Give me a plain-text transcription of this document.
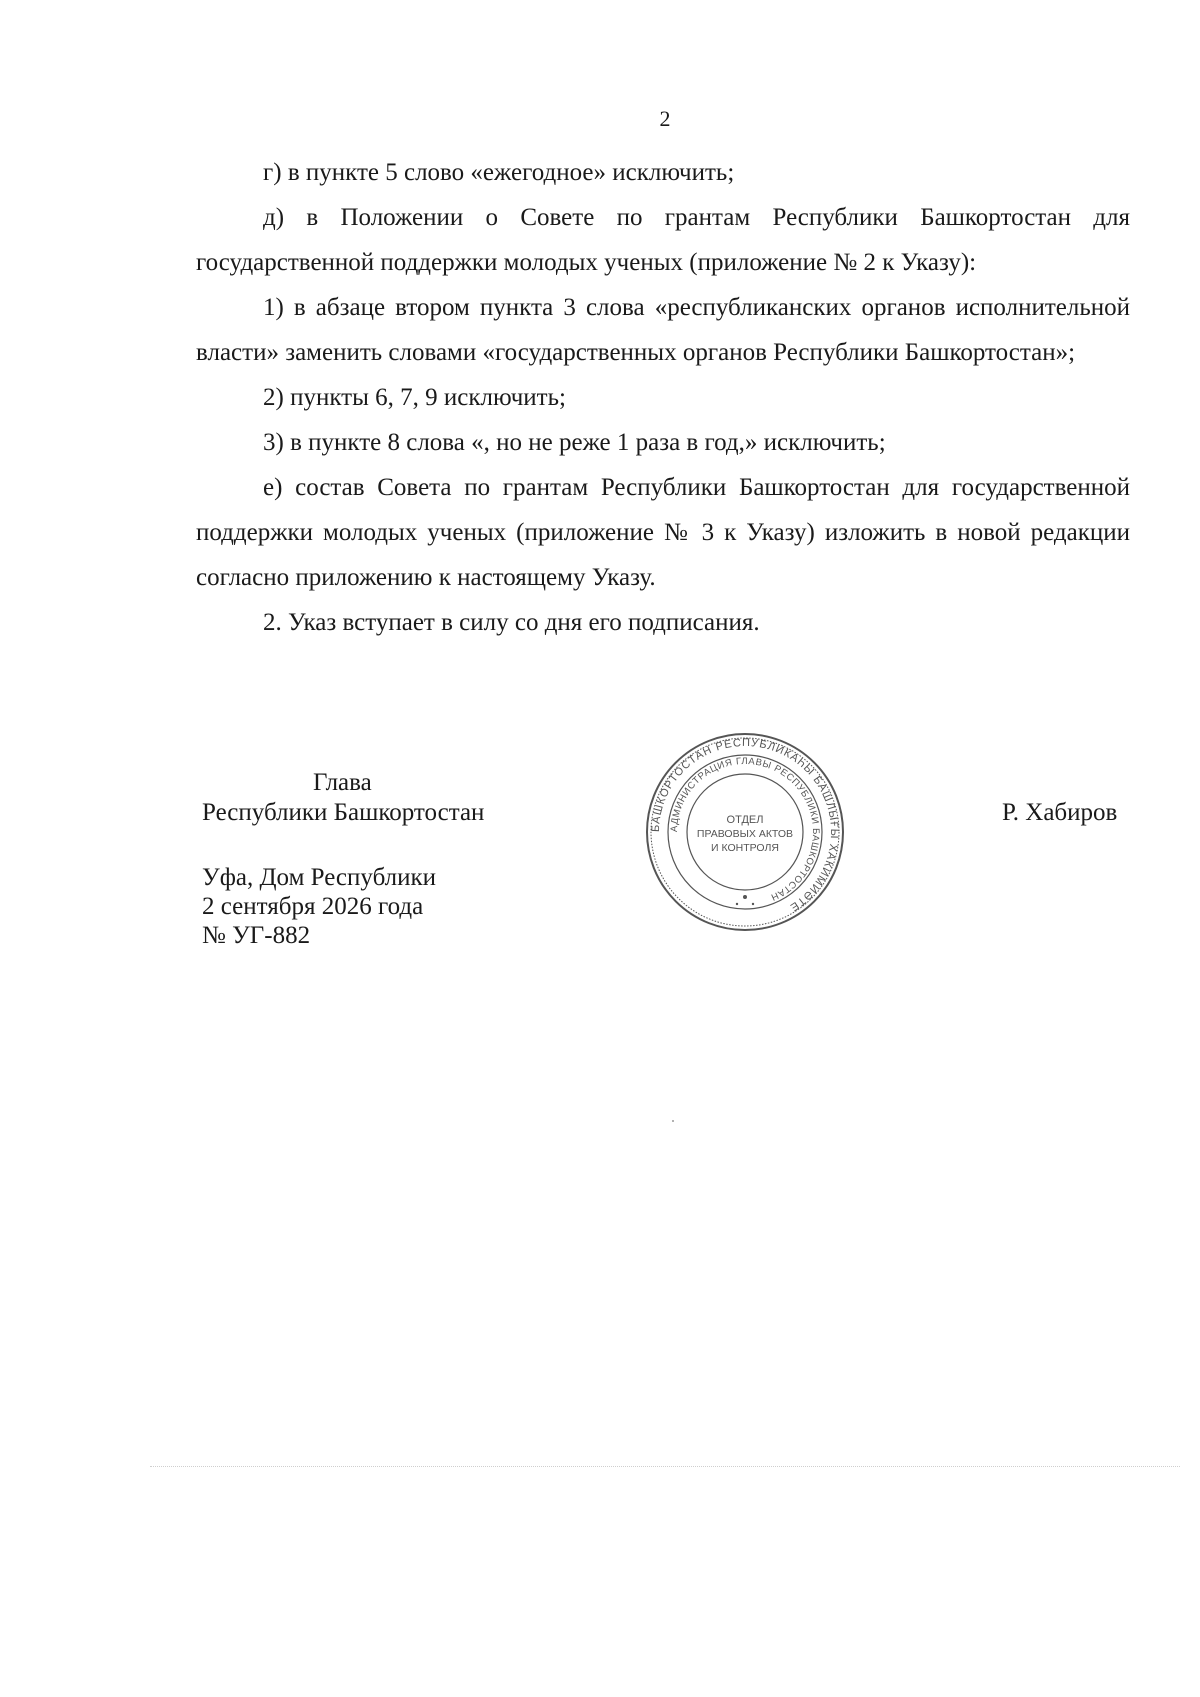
2

г) в пункте 5 слово «ежегодное» исключить;

д) в Положении о Совете по грантам Республики Башкортостан для государственной поддержки молодых ученых (приложение № 2 к Указу):

1) в абзаце втором пункта 3 слова «республиканских органов исполнительной власти» заменить словами «государственных органов Республики Башкортостан»;

2) пункты 6, 7, 9 исключить;

3) в пункте 8 слова «, но не реже 1 раза в год,» исключить;

е) состав Совета по грантам Республики Башкортостан для государственной поддержки молодых ученых (приложение № 3 к Указу) изложить в новой редакции согласно приложению к настоящему Указу.

2. Указ вступает в силу со дня его подписания.

Глава
Республики Башкортостан
Уфа, Дом Республики
2 сентября 2026 года
№ УГ-882
Р. Хабиров
БАШКОРТОСТАН РЕСПУБЛИКАҺЫ БАШЛЫҒЫ ХАКИМИӘТЕ
АДМИНИСТРАЦИЯ ГЛАВЫ РЕСПУБЛИКИ БАШКОРТОСТАН
ОТДЕЛ
ПРАВОВЫХ АКТОВ
И КОНТРОЛЯ
